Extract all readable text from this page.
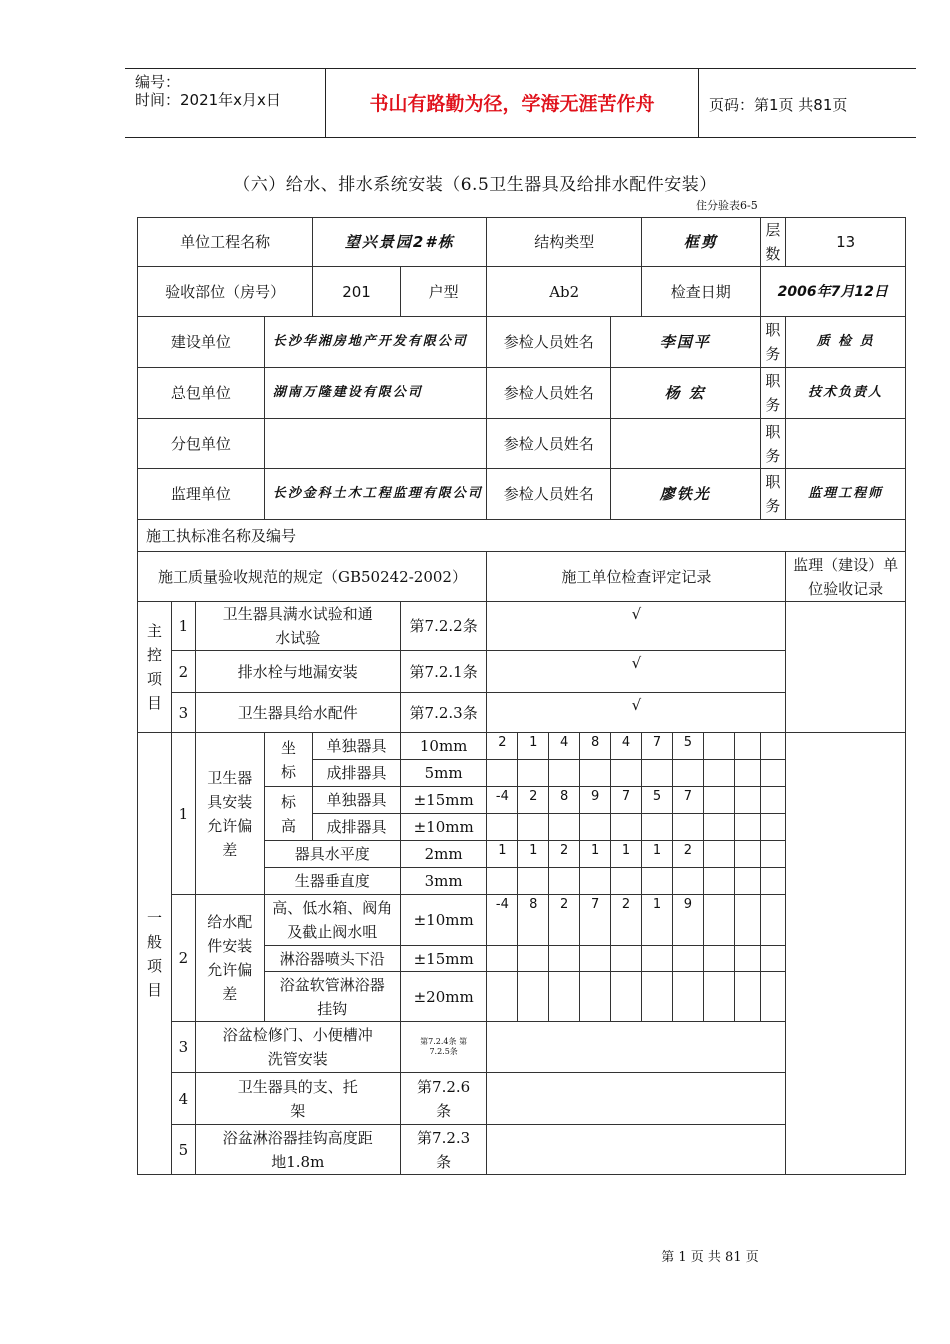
编号：
时间：2021年x月x日	书山有路勤为径，学海无涯苦作舟	页码：第1页 共81页
（六）给水、排水系统安装（6.5卫生器具及给排水配件安装）
住分验表6-5
单位工程名称				望兴景园2#栋		结构类型					框剪				层数	13
验收部位（房号）				201	户型	Ab2					检查日期				2006年7月12日	
建设单位			长沙华湘房地产开发有限公司			参检人员姓名				李国平					职务	质 检 员
总包单位			湖南万隆建设有限公司			参检人员姓名				杨 宏					职务	技术负责人
分包单位						参检人员姓名									职务	
监理单位			长沙金科土木工程监理有限公司			参检人员姓名				廖铁光					职务	监理工程师
施工执标准名称及编号																
施工质量验收规范的规定（GB50242-2002）						施工单位检查评定记录										监理（建设）单位验收记录
主控项目	1	卫生器具满水试验和通水试验			第7.2.2条	√										
	2	排水栓与地漏安装			第7.2.1条	√										
	3	卫生器具给水配件			第7.2.3条	√										
一般项目	1	卫生器具安装允许偏差	坐标	单独器具	10mm	2	1	4	8	4	7	5				
				成排器具	5mm											
			标高	单独器具	±15mm	-4	2	8	9	7	5	7				
				成排器具	±10mm											
			器具水平度		2mm	1	1	2	1	1	1	2				
			生器垂直度		3mm											
	2	给水配件安装允许偏差	高、低水箱、阀角及截止阀水咀		±10mm	-4	8	2	7	2	1	9				
			淋浴器喷头下沿		±15mm											
			浴盆软管淋浴器挂钩		±20mm											
	3	浴盆检修门、小便槽冲洗管安装			第7.2.4条 第7.2.5条											
	4	卫生器具的支、托 架			第7.2.6条											
	5	浴盆淋浴器挂钩高度距地1.8m			第7.2.3条											
第 1 页 共 81 页
